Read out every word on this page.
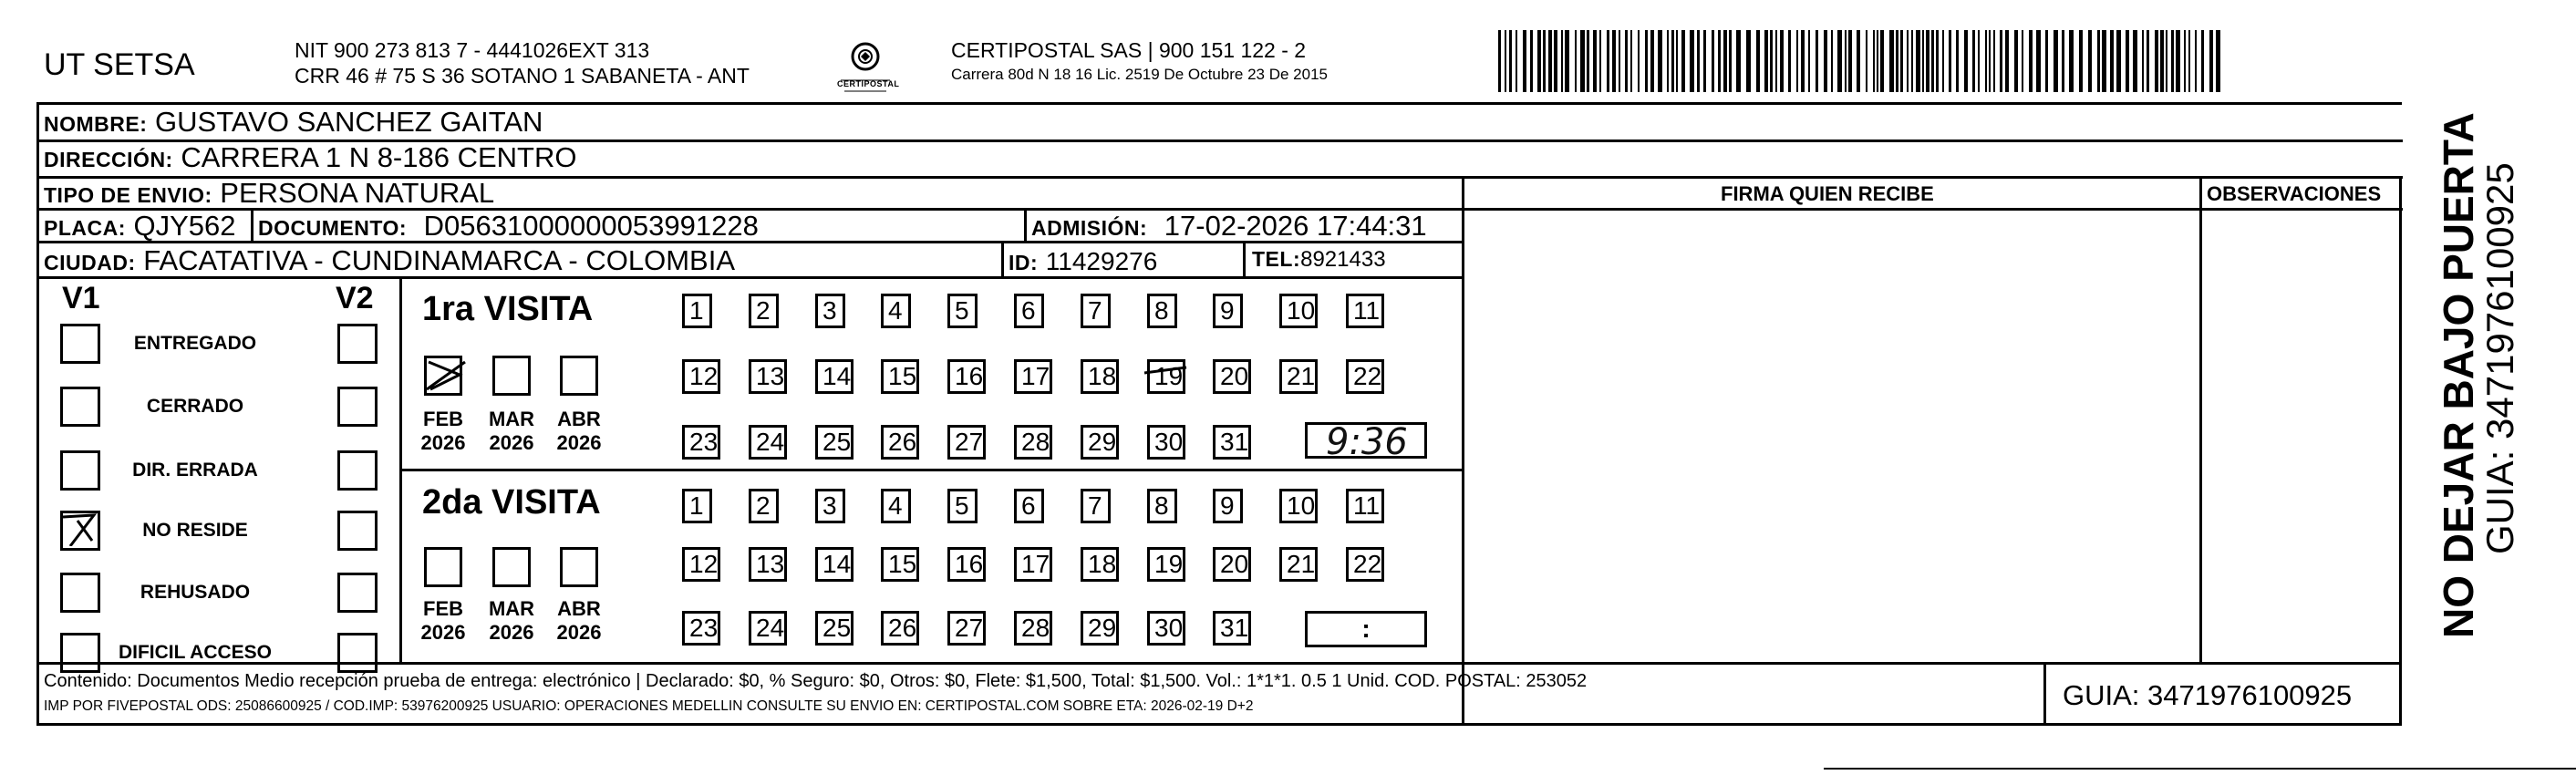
UT SETSA	NIT 900 273 813 7 - 4441026EXT 313
CRR 46 # 75 S 36 SOTANO 1 SABANETA - ANT	CERTIPOSTAL
CERTIPOSTAL SAS | 900 151 122 - 2
Carrera 80d N 18 16 Lic. 2519 De Octubre 23 De 2015
NOMBRE: GUSTAVO SANCHEZ GAITAN
DIRECCIÓN: CARRERA 1 N 8-186 CENTRO
TIPO DE ENVIO: PERSONA NATURAL
PLACA: QJY562 DOCUMENTO: D05631000000053991228	ADMISIÓN: 17-02-2026 17:44:31
CIUDAD: FACATATIVA - CUNDINAMARCA - COLOMBIA	ID: 11429276	TEL:8921433
FIRMA QUIEN RECIBE	OBSERVACIONES
V1	V2
ENTREGADO
CERRADO
DIR. ERRADA
NO RESIDE
REHUSADO
DIFICIL ACCESO
1ra VISITA
2da VISITA
FEB
2026
MAR
2026
ABR
2026
FEB
2026
MAR
2026
ABR
2026
1	2	3	4	5	6	7	8	9	10 11
12 13 14 15 16 17 18 19 20 21 22
23 24 25 26 27 28 29 30 31
1	2	3	4	5	6	7	8	9	10 11
12 13 14 15 16 17 18 19 20 21 22
23 24 25 26 27 28 29 30 31
9:36
:
Contenido: Documentos Medio recepción prueba de entrega: electrónico | Declarado: $0, % Seguro: $0, Otros: $0, Flete: $1,500, Total: $1,500. Vol.: 1*1*1. 0.5 1 Unid. COD. POSTAL: 253052
IMP POR FIVEPOSTAL ODS: 25086600925 / COD.IMP: 53976200925 USUARIO: OPERACIONES MEDELLIN CONSULTE SU ENVIO EN: CERTIPOSTAL.COM SOBRE ETA: 2026-02-19 D+2	GUIA: 3471976100925
NO DEJAR BAJO PUERTA
GUIA: 3471976100925
